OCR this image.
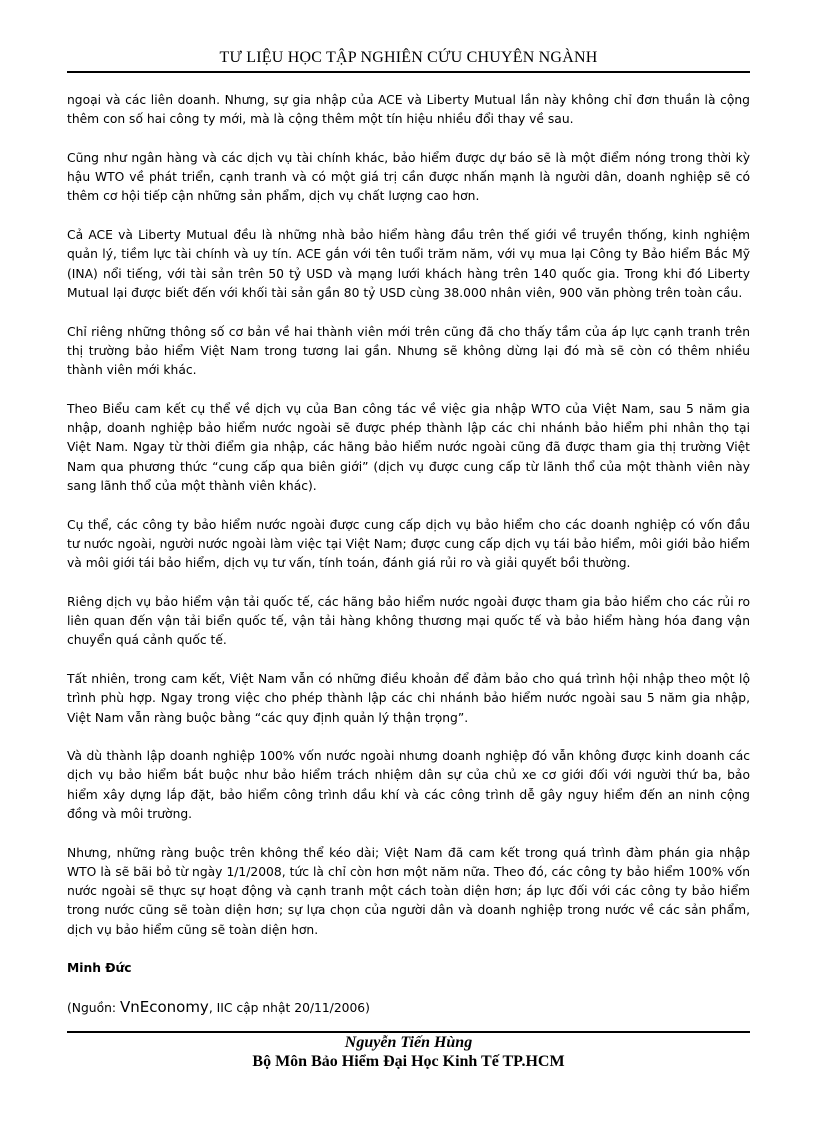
TƯ LIỆU HỌC TẬP NGHIÊN CỨU CHUYÊN NGÀNH

ngoại và các liên doanh. Nhưng, sự gia nhập của ACE và Liberty Mutual lần này không chỉ đơn thuần là cộng thêm con số hai công ty mới, mà là cộng thêm một tín hiệu nhiều đổi thay về sau.

Cũng như ngân hàng và các dịch vụ tài chính khác, bảo hiểm được dự báo sẽ là một điểm nóng trong thời kỳ hậu WTO về phát triển, cạnh tranh và có một giá trị cần được nhấn mạnh là người dân, doanh nghiệp sẽ có thêm cơ hội tiếp cận những sản phẩm, dịch vụ chất lượng cao hơn.

Cả ACE và Liberty Mutual đều là những nhà bảo hiểm hàng đầu trên thế giới về truyền thống, kinh nghiệm quản lý, tiềm lực tài chính và uy tín. ACE gắn với tên tuổi trăm năm, với vụ mua lại Công ty Bảo hiểm Bắc Mỹ (INA) nổi tiếng, với tài sản trên 50 tỷ USD và mạng lưới khách hàng trên 140 quốc gia. Trong khi đó Liberty Mutual lại được biết đến với khối tài sản gần 80 tỷ USD cùng 38.000 nhân viên, 900 văn phòng trên toàn cầu.

Chỉ riêng những thông số cơ bản về hai thành viên mới trên cũng đã cho thấy tầm của áp lực cạnh tranh trên thị trường bảo hiểm Việt Nam trong tương lai gần. Nhưng sẽ không dừng lại đó mà sẽ còn có thêm nhiều thành viên mới khác.

Theo Biểu cam kết cụ thể về dịch vụ của Ban công tác về việc gia nhập WTO của Việt Nam, sau 5 năm gia nhập, doanh nghiệp bảo hiểm nước ngoài sẽ được phép thành lập các chi nhánh bảo hiểm phi nhân thọ tại Việt Nam. Ngay từ thời điểm gia nhập, các hãng bảo hiểm nước ngoài cũng đã được tham gia thị trường Việt Nam qua phương thức “cung cấp qua biên giới” (dịch vụ được cung cấp từ lãnh thổ của một thành viên này sang lãnh thổ của một thành viên khác).

Cụ thể, các công ty bảo hiểm nước ngoài được cung cấp dịch vụ bảo hiểm cho các doanh nghiệp có vốn đầu tư nước ngoài, người nước ngoài làm việc tại Việt Nam; được cung cấp dịch vụ tái bảo hiểm, môi giới bảo hiểm và môi giới tái bảo hiểm, dịch vụ tư vấn, tính toán, đánh giá rủi ro và giải quyết bồi thường.

Riêng dịch vụ bảo hiểm vận tải quốc tế, các hãng bảo hiểm nước ngoài được tham gia bảo hiểm cho các rủi ro liên quan đến vận tải biển quốc tế, vận tải hàng không thương mại quốc tế và bảo hiểm hàng hóa đang vận chuyển quá cảnh quốc tế.

Tất nhiên, trong cam kết, Việt Nam vẫn có những điều khoản để đảm bảo cho quá trình hội nhập theo một lộ trình phù hợp. Ngay trong việc cho phép thành lập các chi nhánh bảo hiểm nước ngoài sau 5 năm gia nhập, Việt Nam vẫn ràng buộc bằng “các quy định quản lý thận trọng”.

Và dù thành lập doanh nghiệp 100% vốn nước ngoài nhưng doanh nghiệp đó vẫn không được kinh doanh các dịch vụ bảo hiểm bắt buộc như bảo hiểm trách nhiệm dân sự của chủ xe cơ giới đối với người thứ ba, bảo hiểm xây dựng lắp đặt, bảo hiểm công trình dầu khí và các công trình dễ gây nguy hiểm đến an ninh cộng đồng và môi trường.

Nhưng, những ràng buộc trên không thể kéo dài; Việt Nam đã cam kết trong quá trình đàm phán gia nhập WTO là sẽ bãi bỏ từ ngày 1/1/2008, tức là chỉ còn hơn một năm nữa. Theo đó, các công ty bảo hiểm 100% vốn nước ngoài sẽ thực sự hoạt động và cạnh tranh một cách toàn diện hơn; áp lực đối với các công ty bảo hiểm trong nước cũng sẽ toàn diện hơn; sự lựa chọn của người dân và doanh nghiệp trong nước về các sản phẩm, dịch vụ bảo hiểm cũng sẽ toàn diện hơn.

Minh Đức

(Nguồn: VnEconomy, IIC cập nhật 20/11/2006)

Nguyễn Tiến Hùng
Bộ Môn Bảo Hiểm Đại Học Kinh Tế TP.HCM
